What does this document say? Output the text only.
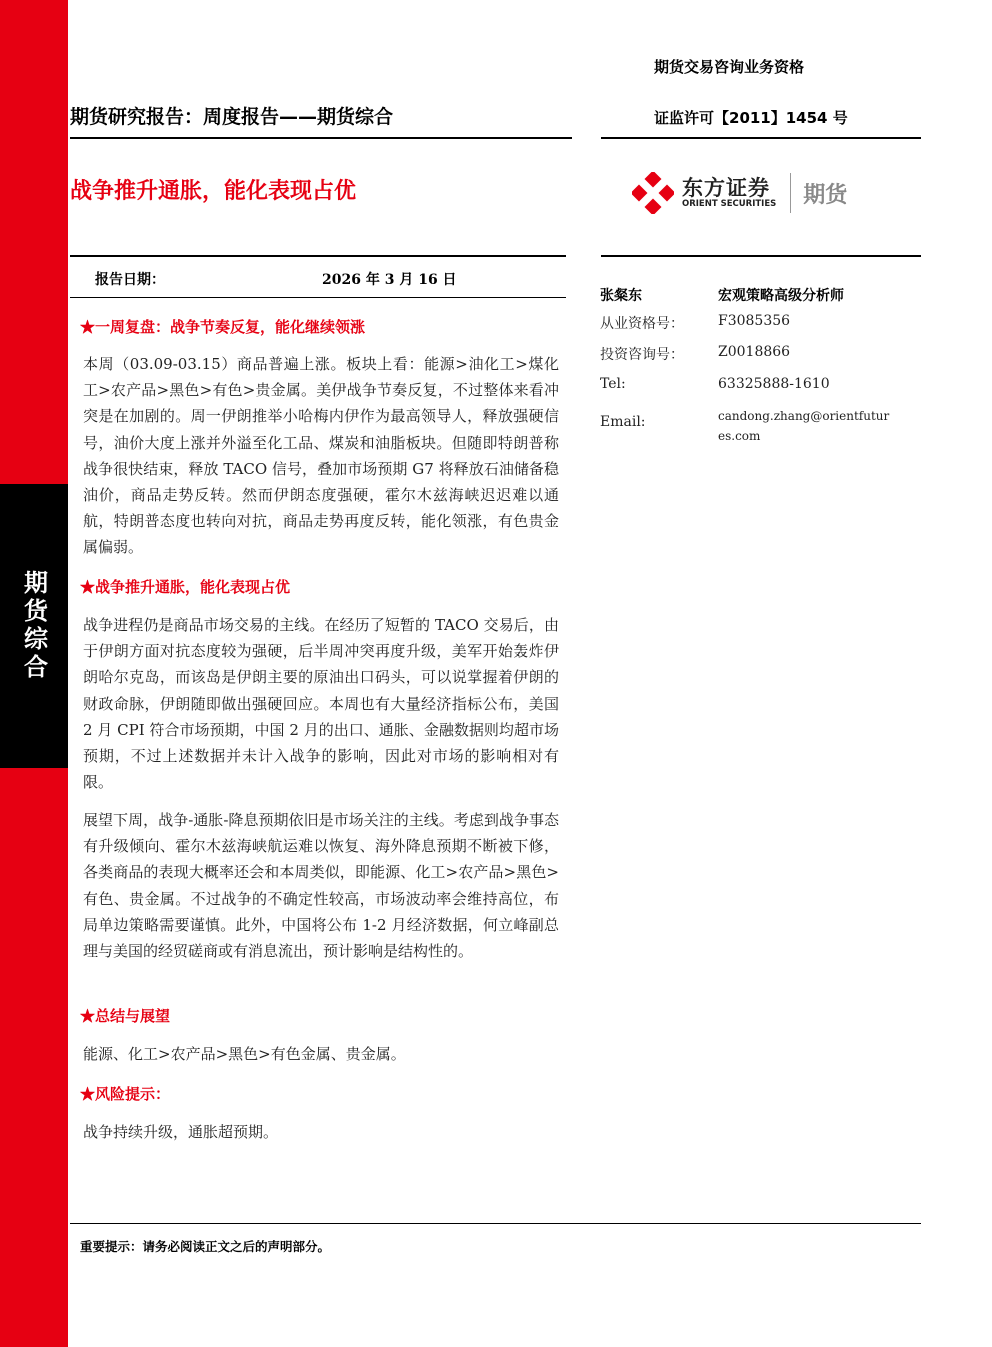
期货综合
期货交易咨询业务资格
证监许可【2011】1454 号
期货研究报告：周度报告——期货综合
战争推升通胀，能化表现占优	东方证券
ORIENT SECURITIES 期货
报告日期：	2026 年 3 月 16 日
张粲东	宏观策略高级分析师
从业资格号： F3085356
投资咨询号： Z0018866
Tel:	63325888-1610
Email:	candong.zhang@orientfutures.com
★一周复盘：战争节奏反复，能化继续领涨

本周（03.09-03.15）商品普遍上涨。板块上看：能源>油化工>煤化工>农产品>黑色>有色>贵金属。美伊战争节奏反复，不过整体来看冲突是在加剧的。周一伊朗推举小哈梅内伊作为最高领导人，释放强硬信号，油价大度上涨并外溢至化工品、煤炭和油脂板块。但随即特朗普称战争很快结束，释放 TACO 信号，叠加市场预期 G7 将释放石油储备稳油价，商品走势反转。然而伊朗态度强硬，霍尔木兹海峡迟迟难以通航，特朗普态度也转向对抗，商品走势再度反转，能化领涨，有色贵金属偏弱。

★战争推升通胀，能化表现占优

战争进程仍是商品市场交易的主线。在经历了短暂的 TACO 交易后，由于伊朗方面对抗态度较为强硬，后半周冲突再度升级，美军开始轰炸伊朗哈尔克岛，而该岛是伊朗主要的原油出口码头，可以说掌握着伊朗的财政命脉，伊朗随即做出强硬回应。本周也有大量经济指标公布，美国 2 月 CPI 符合市场预期，中国 2 月的出口、通胀、金融数据则均超市场预期，不过上述数据并未计入战争的影响，因此对市场的影响相对有限。

展望下周，战争-通胀-降息预期依旧是市场关注的主线。考虑到战争事态有升级倾向、霍尔木兹海峡航运难以恢复、海外降息预期不断被下修，各类商品的表现大概率还会和本周类似，即能源、化工>农产品>黑色>有色、贵金属。不过战争的不确定性较高，市场波动率会维持高位，布局单边策略需要谨慎。此外，中国将公布 1-2 月经济数据，何立峰副总理与美国的经贸磋商或有消息流出，预计影响是结构性的。

★总结与展望

能源、化工>农产品>黑色>有色金属、贵金属。

★风险提示：

战争持续升级，通胀超预期。

重要提示：请务必阅读正文之后的声明部分。
